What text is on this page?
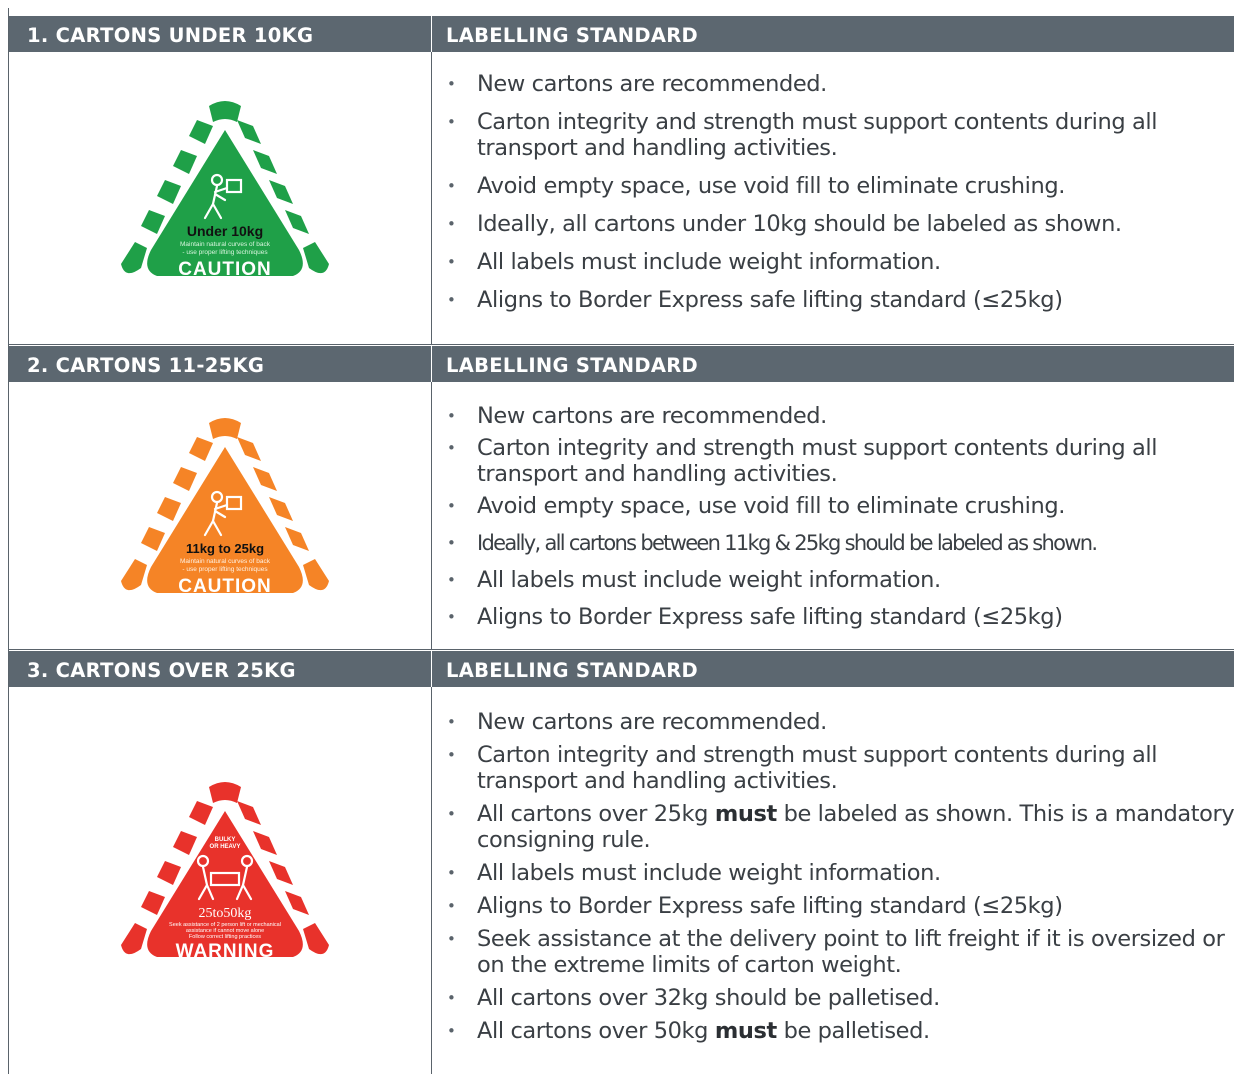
1. CARTONS UNDER 10KG	LABELLING STANDARD
Under 10kg
Maintain natural curves of back
- use proper lifting techniques
CAUTION
• New cartons are recommended.
• Carton integrity and strength must support contents during all transport and handling activities.
• Avoid empty space, use void fill to eliminate crushing.
• Ideally, all cartons under 10kg should be labeled as shown.
• All labels must include weight information.
• Aligns to Border Express safe lifting standard (≤25kg)
2. CARTONS 11-25KG	LABELLING STANDARD
11kg to 25kg
Maintain natural curves of back
- use proper lifting techniques
CAUTION
• New cartons are recommended.
• Carton integrity and strength must support contents during all transport and handling activities.
• Avoid empty space, use void fill to eliminate crushing.
• Ideally, all cartons between 11kg & 25kg should be labeled as shown.
• All labels must include weight information.
• Aligns to Border Express safe lifting standard (≤25kg)
3. CARTONS OVER 25KG	LABELLING STANDARD
BULKY
OR HEAVY
25to50kg
Seek assistance of 2 person lift or mechanical
assistance if cannot move alone
Follow correct lifting practices
WARNING
• New cartons are recommended.
• Carton integrity and strength must support contents during all transport and handling activities.
• All cartons over 25kg must be labeled as shown. This is a mandatory consigning rule.
• All labels must include weight information.
• Aligns to Border Express safe lifting standard (≤25kg)
• Seek assistance at the delivery point to lift freight if it is oversized or on the extreme limits of carton weight.
• All cartons over 32kg should be palletised.
• All cartons over 50kg must be palletised.
